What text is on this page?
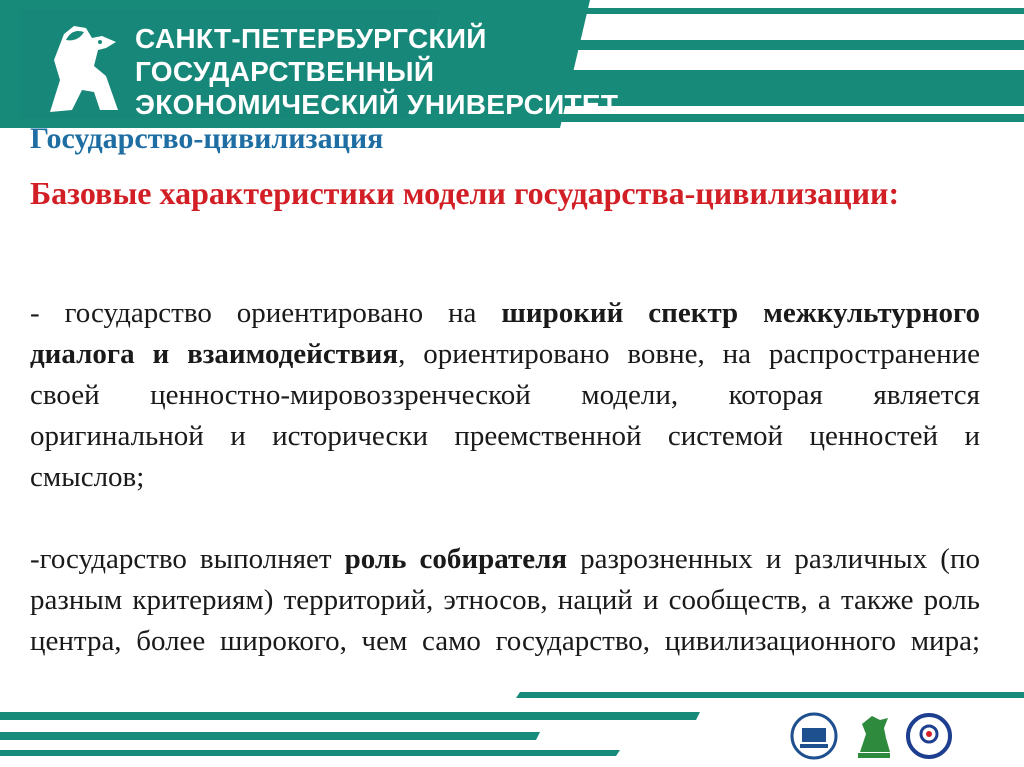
САНКТ-ПЕТЕРБУРГСКИЙ
ГОСУДАРСТВЕННЫЙ
ЭКОНОМИЧЕСКИЙ УНИВЕРСИТЕТ
Государство-цивилизация
Базовые характеристики модели государства-цивилизации:
- государство ориентировано на широкий спектр межкультурного диалога и взаимодействия, ориентировано вовне, на распространение своей ценностно-мировоззренческой модели, которая является оригинальной и исторически преемственной системой ценностей и смыслов;
-государство выполняет роль собирателя разрозненных и различных (по разным критериям) территорий, этносов, наций и сообществ, а также роль центра, более широкого, чем само государство, цивилизационного мира;
